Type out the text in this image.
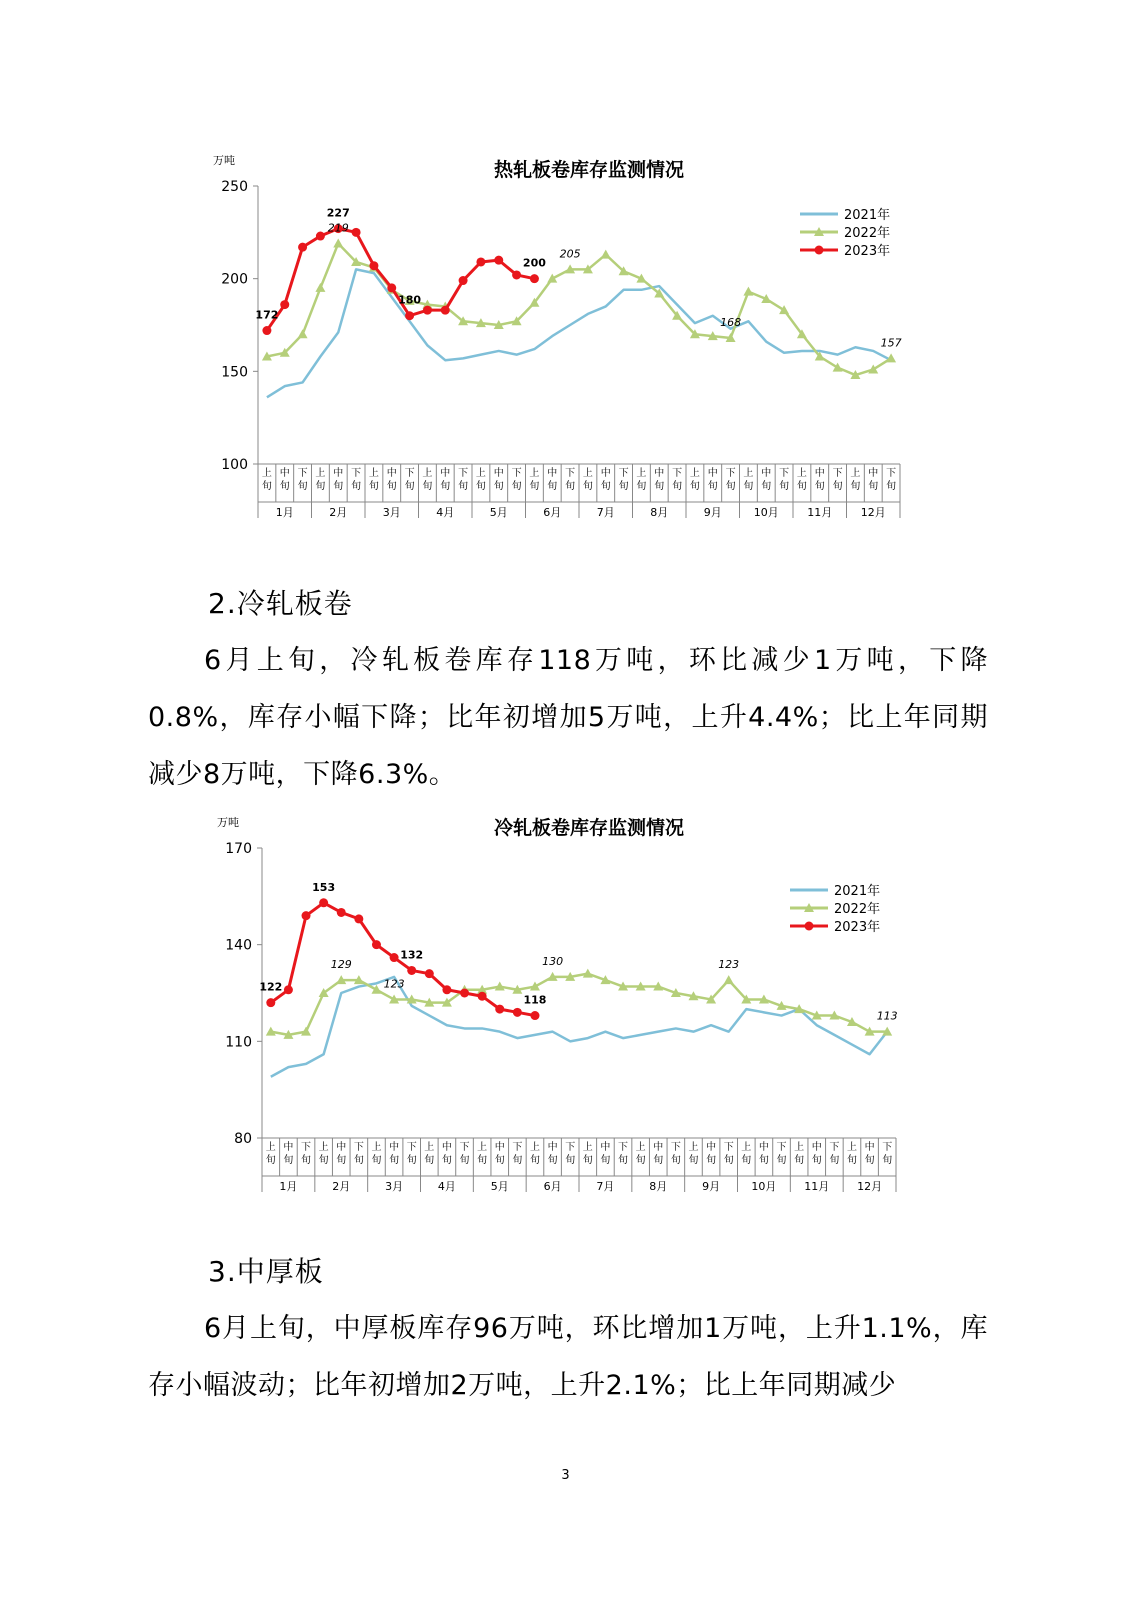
热轧板卷库存监测情况
万吨
100
150
200
250
上
旬
中
旬
下
旬
上
旬
中
旬
下
旬
上
旬
中
旬
下
旬
上
旬
中
旬
下
旬
上
旬
中
旬
下
旬
上
旬
中
旬
下
旬
上
旬
中
旬
下
旬
上
旬
中
旬
下
旬
上
旬
中
旬
下
旬
上
旬
中
旬
下
旬
上
旬
中
旬
下
旬
上
旬
中
旬
下
旬
1月	2月	3月	4月	5月	6月	7月	8月	9月	10月	11月	12月
172
227
180
200
219
205
168
157
2021年
2022年
2023年
2.冷轧板卷

6月上旬，冷轧板卷库存118万吨，环比减少1万吨，下降0.8%，库存小幅下降；比年初增加5万吨，上升4.4%；比上年同期减少8万吨，下降6.3%。

冷轧板卷库存监测情况
万吨
80
110
140
170
上
旬
中
旬
下
旬
上
旬
中
旬
下
旬
上
旬
中
旬
下
旬
上
旬
中
旬
下
旬
上
旬
中
旬
下
旬
上
旬
中
旬
下
旬
上
旬
中
旬
下
旬
上
旬
中
旬
下
旬
上
旬
中
旬
下
旬
上
旬
中
旬
下
旬
上
旬
中
旬
下
旬
上
旬
中
旬
下
旬
1月	2月	3月	4月	5月	6月	7月	8月	9月	10月	11月	12月
122
153
132
118
129
123
130	123
113
2021年
2022年
2023年
3.中厚板

6月上旬，中厚板库存96万吨，环比增加1万吨，上升1.1%，库存小幅波动；比年初增加2万吨，上升2.1%；比上年同期减少

3
